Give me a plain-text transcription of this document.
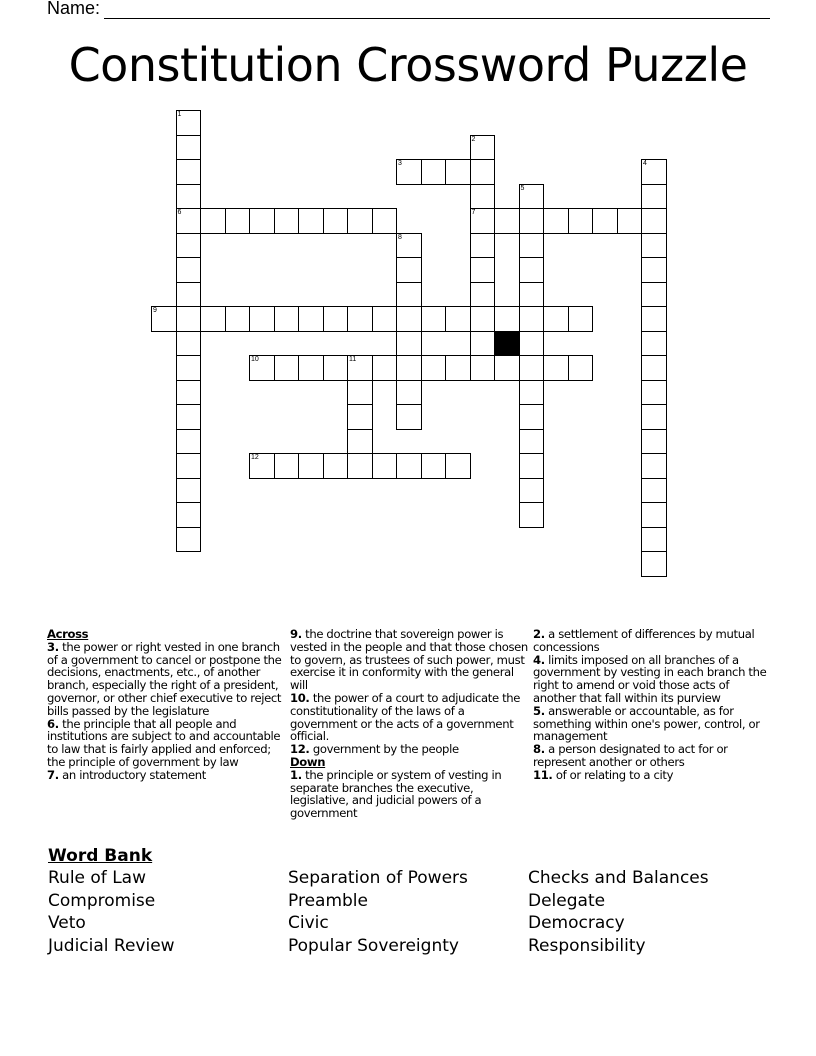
Name:
Constitution Crossword Puzzle
1
6
2
7
3	4
5
8
9
10	11
12
Across
3. the power or right vested in one branch of a government to cancel or postpone the decisions, enactments, etc., of another branch, especially the right of a president, governor, or other chief executive to reject bills passed by the legislature
6. the principle that all people and institutions are subject to and accountable to law that is fairly applied and enforced; the principle of government by law
7. an introductory statement
9. the doctrine that sovereign power is vested in the people and that those chosen to govern, as trustees of such power, must exercise it in conformity with the general will
10. the power of a court to adjudicate the constitutionality of the laws of a government or the acts of a government official.
12. government by the people
Down
1. the principle or system of vesting in separate branches the executive, legislative, and judicial powers of a government
2. a settlement of differences by mutual concessions
4. limits imposed on all branches of a government by vesting in each branch the right to amend or void those acts of another that fall within its purview
5. answerable or accountable, as for something within one's power, control, or management
8. a person designated to act for or represent another or others
11. of or relating to a city
Word Bank
Rule of Law
Compromise
Veto
Judicial Review
Separation of Powers
Preamble
Civic
Popular Sovereignty
Checks and Balances
Delegate
Democracy
Responsibility
